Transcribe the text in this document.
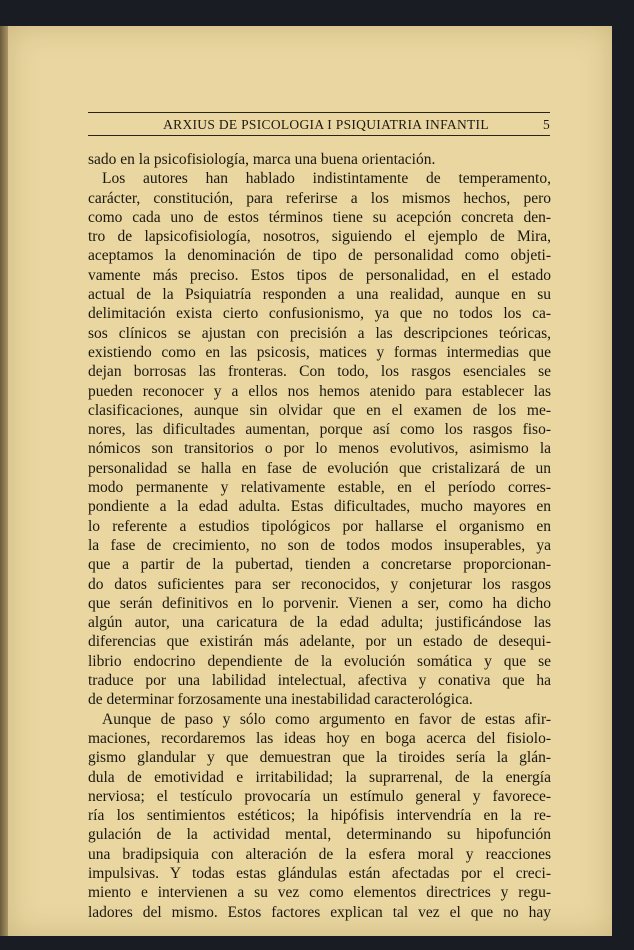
ARXIUS DE PSICOLOGIA I PSIQUIATRIA INFANTIL	5

sado en la psicofisiología, marca una buena orientación.

Los autores han hablado indistintamente de temperamento,

carácter, constitución, para referirse a los mismos hechos, pero

como cada uno de estos términos tiene su acepción concreta den-

tro de lapsicofisiología, nosotros, siguiendo el ejemplo de Mira,

aceptamos la denominación de tipo de personalidad como objeti-

vamente más preciso. Estos tipos de personalidad, en el estado

actual de la Psiquiatría responden a una realidad, aunque en su

delimitación exista cierto confusionismo, ya que no todos los ca-

sos clínicos se ajustan con precisión a las descripciones teóricas,

existiendo como en las psicosis, matices y formas intermedias que

dejan borrosas las fronteras. Con todo, los rasgos esenciales se

pueden reconocer y a ellos nos hemos atenido para establecer las

clasificaciones, aunque sin olvidar que en el examen de los me-

nores, las dificultades aumentan, porque así como los rasgos fiso-

nómicos son transitorios o por lo menos evolutivos, asimismo la

personalidad se halla en fase de evolución que cristalizará de un

modo permanente y relativamente estable, en el período corres-

pondiente a la edad adulta. Estas dificultades, mucho mayores en

lo referente a estudios tipológicos por hallarse el organismo en

la fase de crecimiento, no son de todos modos insuperables, ya

que a partir de la pubertad, tienden a concretarse proporcionan-

do datos suficientes para ser reconocidos, y conjeturar los rasgos

que serán definitivos en lo porvenir. Vienen a ser, como ha dicho

algún autor, una caricatura de la edad adulta; justificándose las

diferencias que existirán más adelante, por un estado de desequi-

librio endocrino dependiente de la evolución somática y que se

traduce por una labilidad intelectual, afectiva y conativa que ha

de determinar forzosamente una inestabilidad caracterológica.

Aunque de paso y sólo como argumento en favor de estas afir-

maciones, recordaremos las ideas hoy en boga acerca del fisiolo-

gismo glandular y que demuestran que la tiroides sería la glán-

dula de emotividad e irritabilidad; la suprarrenal, de la energía

nerviosa; el testículo provocaría un estímulo general y favorece-

ría los sentimientos estéticos; la hipófisis intervendría en la re-

gulación de la actividad mental, determinando su hipofunción

una bradipsiquia con alteración de la esfera moral y reacciones

impulsivas. Y todas estas glándulas están afectadas por el creci-

miento e intervienen a su vez como elementos directrices y regu-

ladores del mismo. Estos factores explican tal vez el que no hay
